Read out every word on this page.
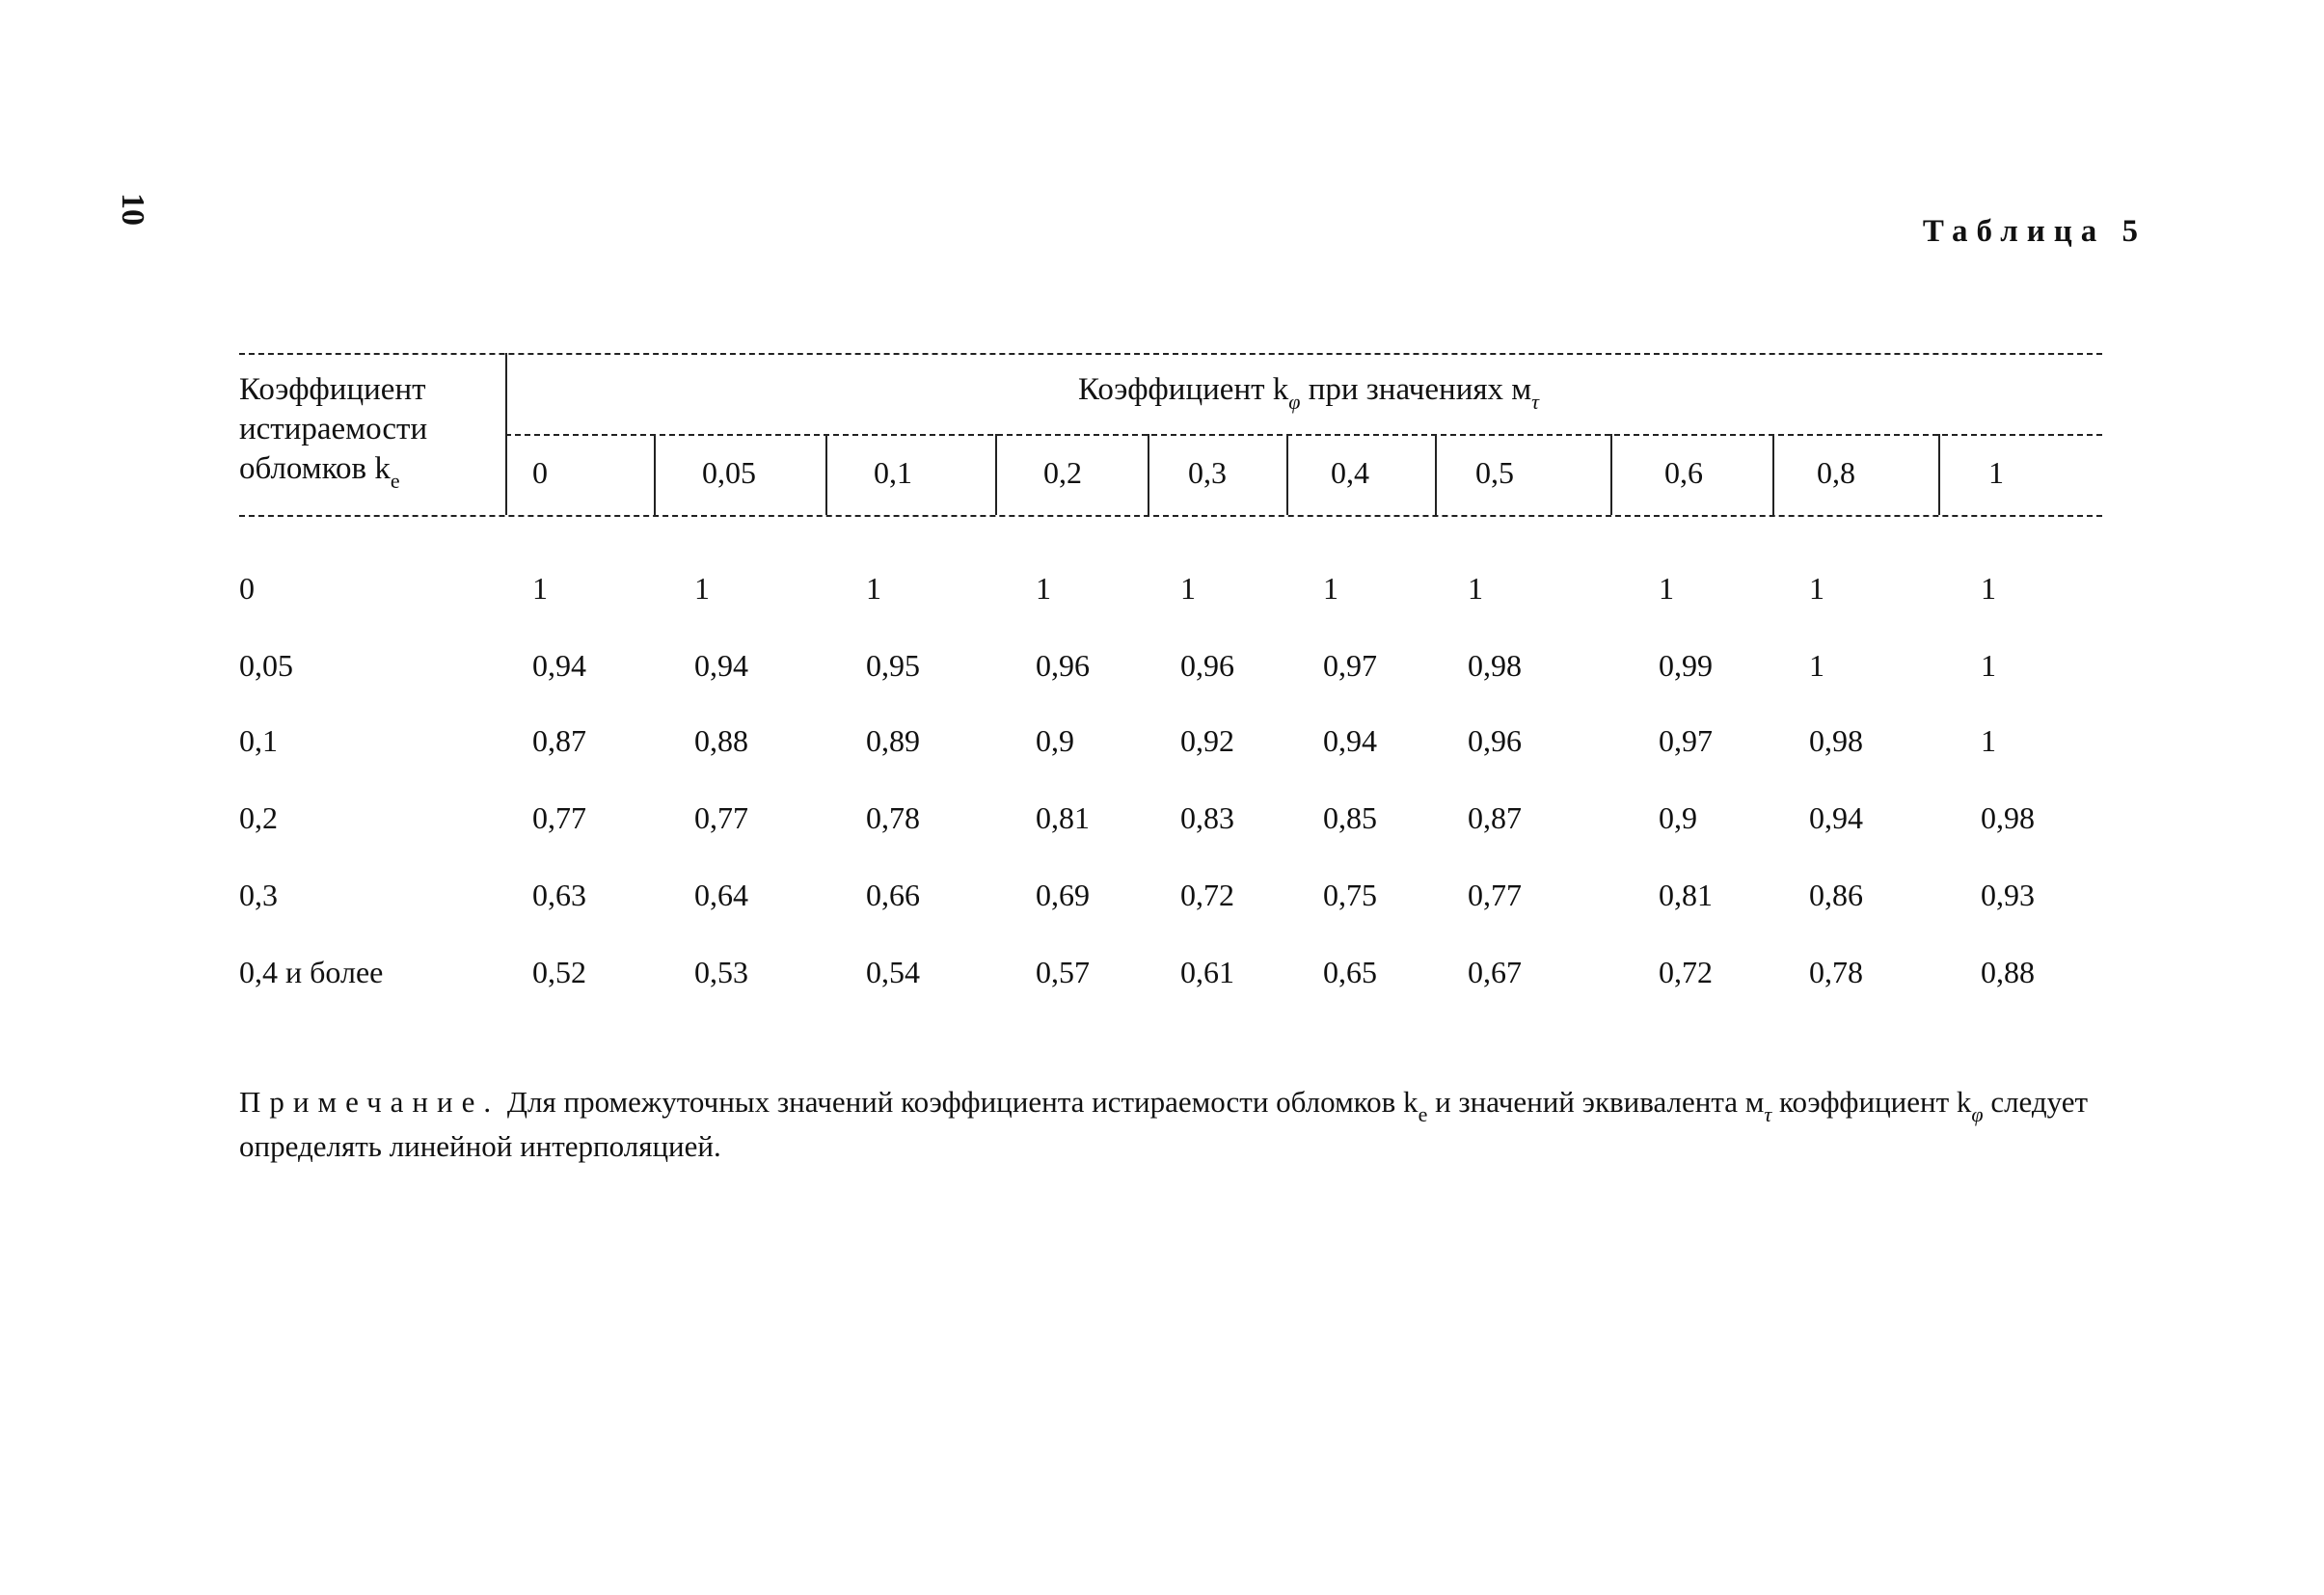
10
Таблица 5
Коэффициент
истираемости
обломков $k_e$
Коэффициент $k_\varphi$ при значениях $м_\tau$
0	0,05	0,1	0,2	0,3	0,4	0,5	0,6	0,8	1
0	1	1	1	1	1	1	1	1	1	1
0,05	0,94	0,94	0,95	0,96	0,96	0,97	0,98	0,99	1	1
0,1	0,87	0,88	0,89	0,9	0,92	0,94	0,96	0,97	0,98	1
0,2	0,77	0,77	0,78	0,81	0,83	0,85	0,87	0,9	0,94	0,98
0,3	0,63	0,64	0,66	0,69	0,72	0,75	0,77	0,81	0,86	0,93
0,4 и более	0,52	0,53	0,54	0,57	0,61	0,65	0,67	0,72	0,78	0,88
Примечание. Для промежуточных значений коэффициента истираемости обломков $k_e$ и значений эквивалента $м_\tau$ коэффициент $k_\varphi$ следует определять линейной интерполяцией.
